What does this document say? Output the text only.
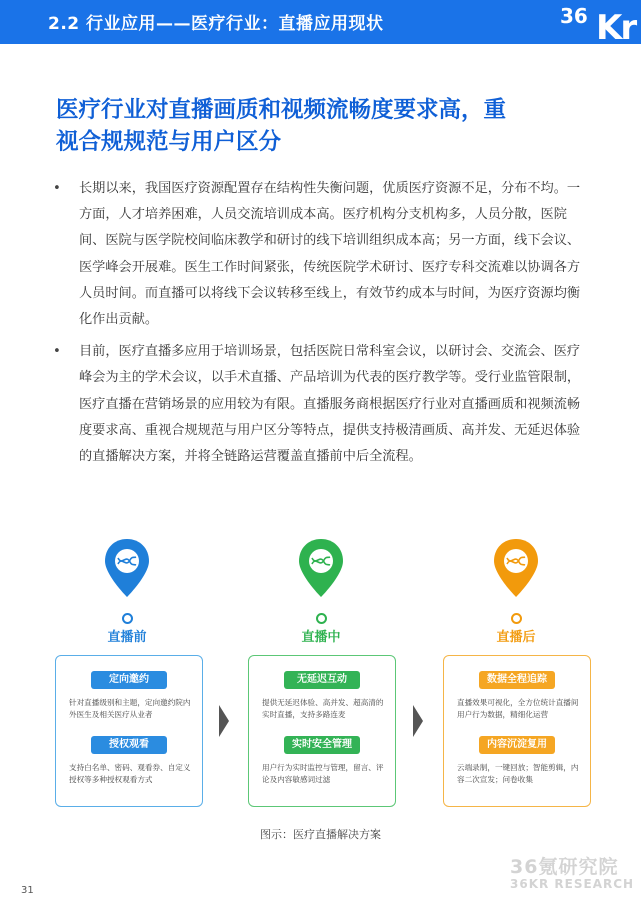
2.2 行业应用——医疗行业：直播应用现状	36 Kr
医疗行业对直播画质和视频流畅度要求高，重
视合规规范与用户区分
• 长期以来，我国医疗资源配置存在结构性失衡问题，优质医疗资源不足，分布不均。一方面，人才培养困难，人员交流培训成本高。医疗机构分支机构多，人员分散，医院间、医院与医学院校间临床教学和研讨的线下培训组织成本高；另一方面，线下会议、医学峰会开展难。医生工作时间紧张，传统医院学术研讨、医疗专科交流难以协调各方人员时间。而直播可以将线下会议转移至线上，有效节约成本与时间，为医疗资源均衡化作出贡献。
• 目前，医疗直播多应用于培训场景，包括医院日常科室会议，以研讨会、交流会、医疗峰会为主的学术会议，以手术直播、产品培训为代表的医疗教学等。受行业监管限制，医疗直播在营销场景的应用较为有限。直播服务商根据医疗行业对直播画质和视频流畅度要求高、重视合规规范与用户区分等特点，提供支持极清画质、高并发、无延迟体验的直播解决方案，并将全链路运营覆盖直播前中后全流程。
直播前	直播中	直播后
定向邀约
针对直播级别和主题，定向邀约院内外医生及相关医疗从业者
授权观看
支持白名单、密码、观看券、自定义授权等多种授权观看方式
无延迟互动
提供无延迟体验、高并发、超高清的实时直播，支持多路连麦
实时安全管理
用户行为实时监控与管理，留言、评论及内容敏感词过滤
数据全程追踪
直播效果可视化，全方位统计直播间用户行为数据，精细化运营
内容沉淀复用
云端录制，一键回放；智能剪辑，内容二次宣发；问卷收集
图示：医疗直播解决方案
36氪研究院
36KR RESEARCH
31
